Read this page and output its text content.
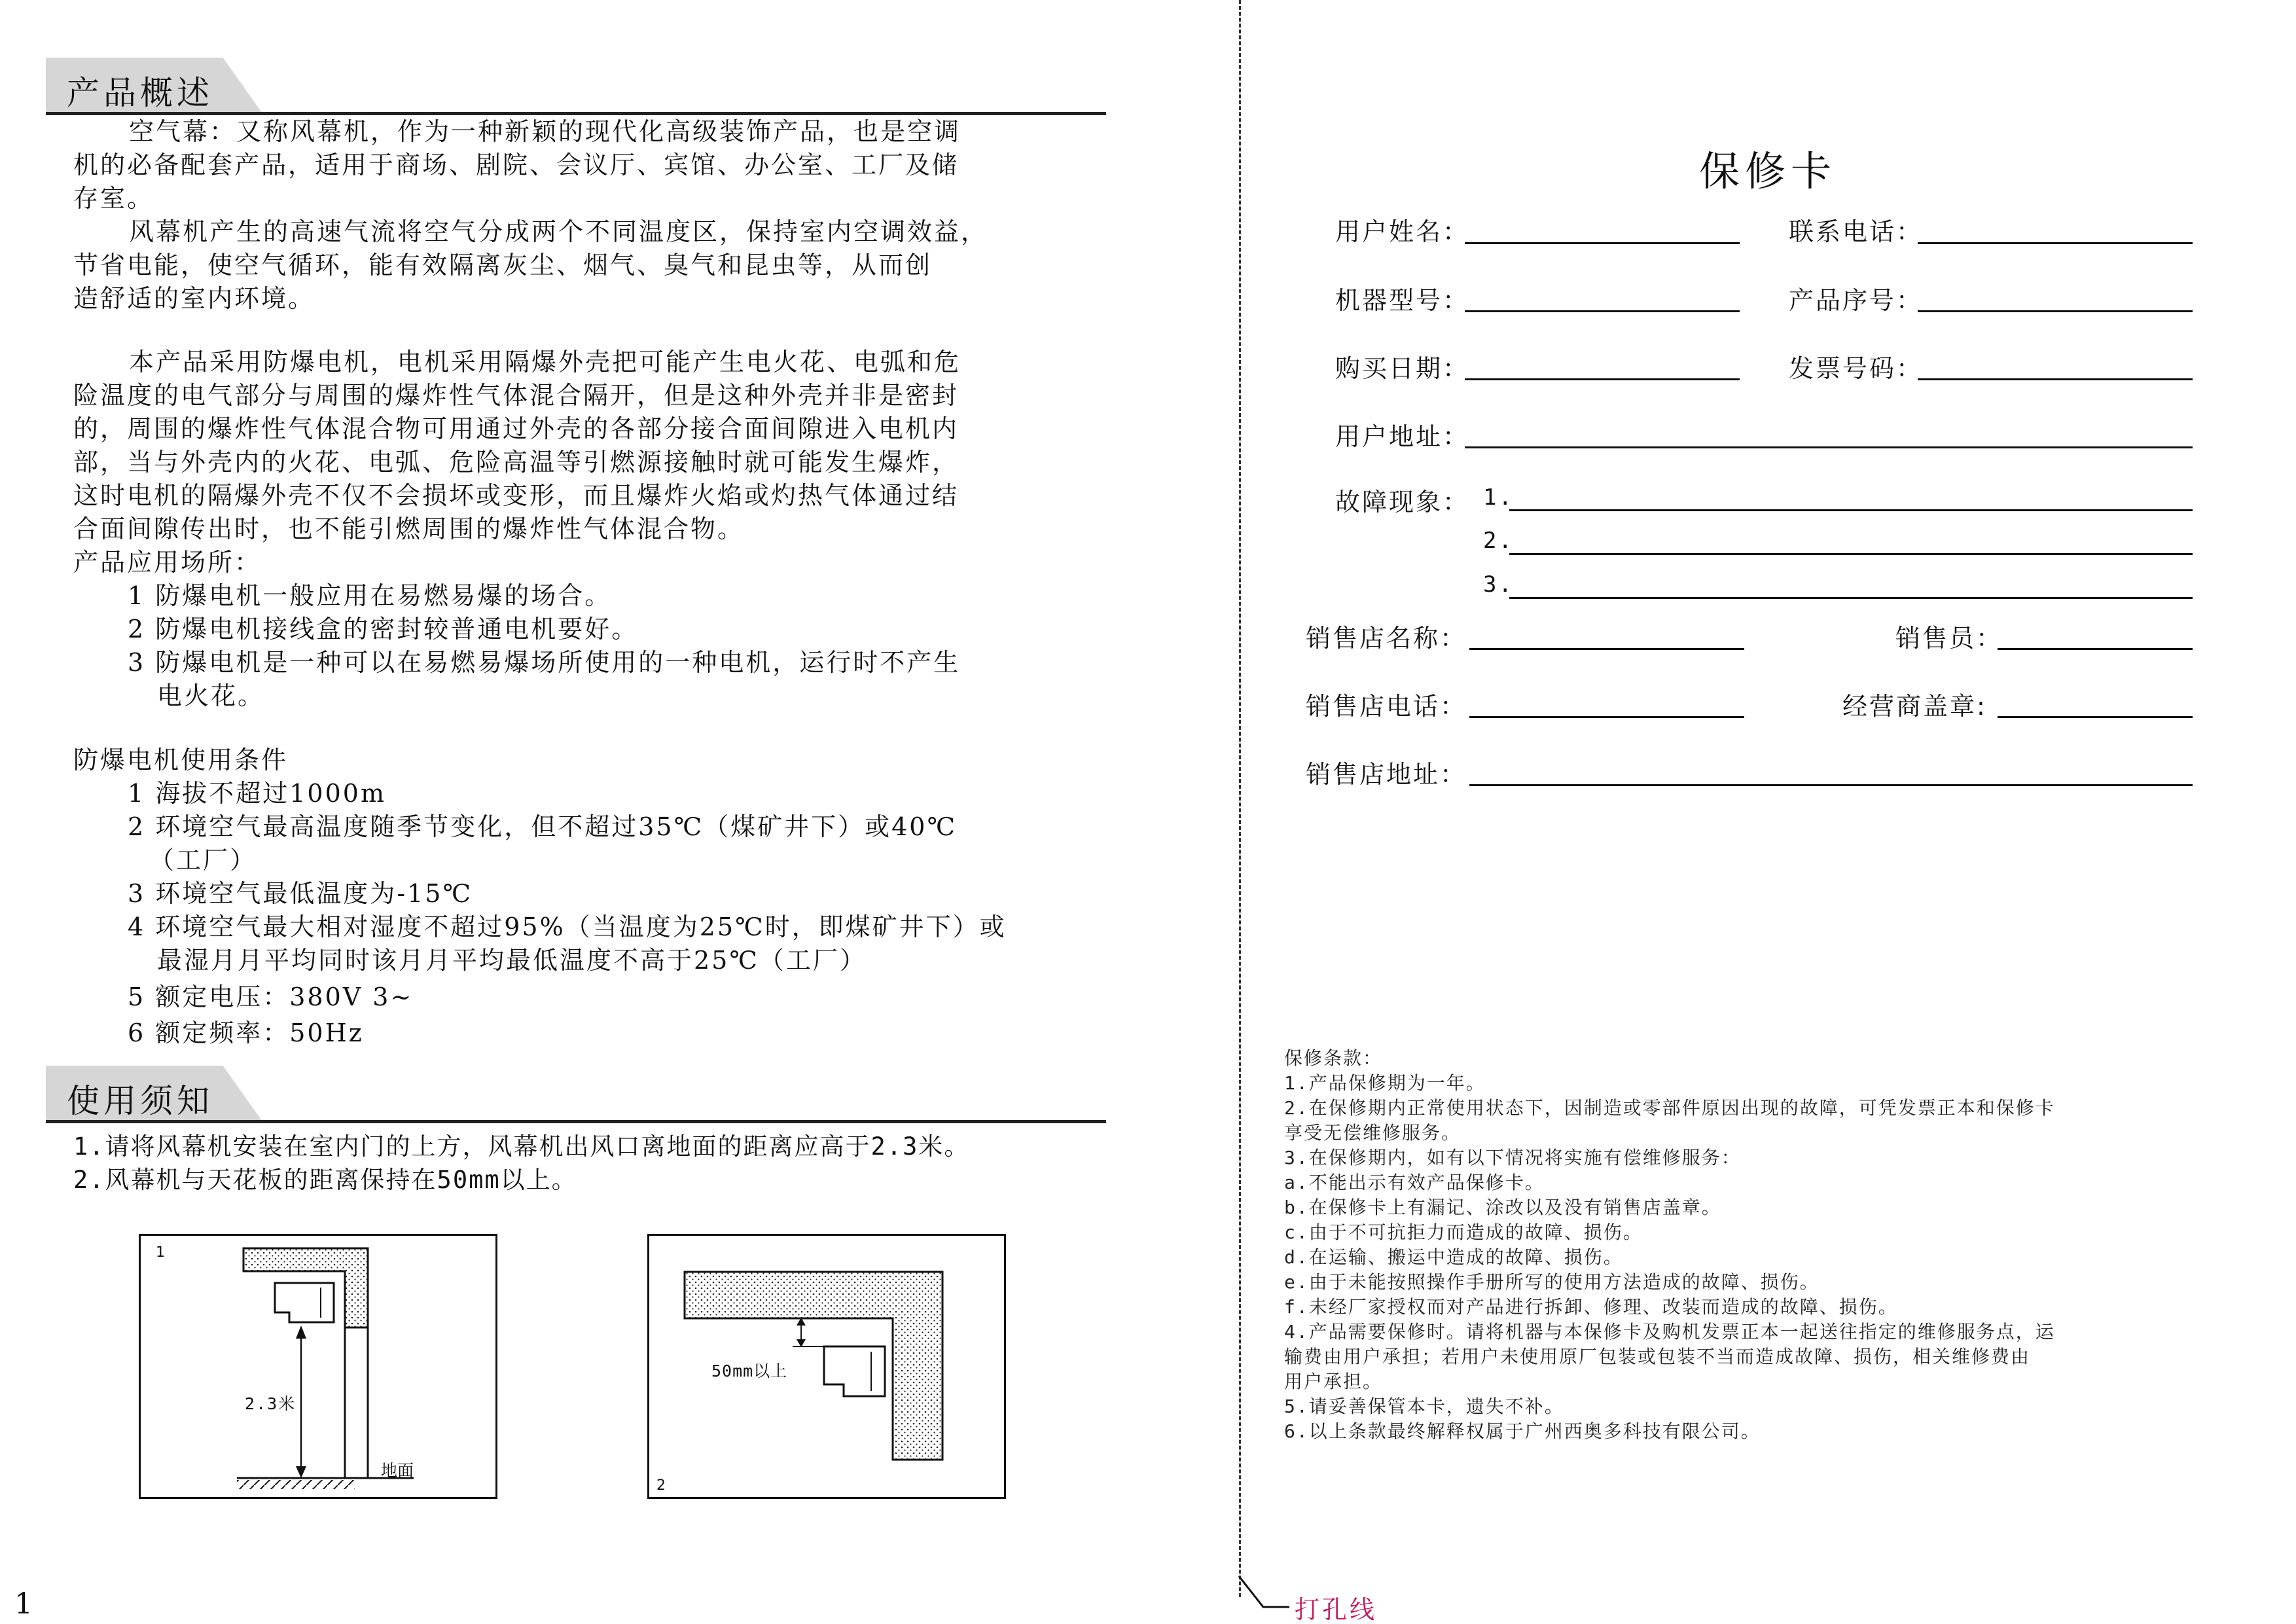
产品概述
空气幕：又称风幕机，作为一种新颖的现代化高级装饰产品，也是空调
机的必备配套产品，适用于商场、剧院、会议厅、宾馆、办公室、工厂及储
存室。
风幕机产生的高速气流将空气分成两个不同温度区，保持室内空调效益，
节省电能，使空气循环，能有效隔离灰尘、烟气、臭气和昆虫等，从而创
造舒适的室内环境。
本产品采用防爆电机，电机采用隔爆外壳把可能产生电火花、电弧和危
险温度的电气部分与周围的爆炸性气体混合隔开，但是这种外壳并非是密封
的，周围的爆炸性气体混合物可用通过外壳的各部分接合面间隙进入电机内
部，当与外壳内的火花、电弧、危险高温等引燃源接触时就可能发生爆炸，
这时电机的隔爆外壳不仅不会损坏或变形，而且爆炸火焰或灼热气体通过结
合面间隙传出时，也不能引燃周围的爆炸性气体混合物。
产品应用场所：
1 防爆电机一般应用在易燃易爆的场合。
2 防爆电机接线盒的密封较普通电机要好。
3 防爆电机是一种可以在易燃易爆场所使用的一种电机，运行时不产生
电火花。
防爆电机使用条件
1 海拔不超过1000m
2 环境空气最高温度随季节变化，但不超过35℃（煤矿井下）或40℃
（工厂）
3 环境空气最低温度为-15℃
4 环境空气最大相对湿度不超过95%（当温度为25℃时，即煤矿井下）或
最湿月月平均同时该月月平均最低温度不高于25℃（工厂）
5 额定电压：380V 3~
6 额定频率：50Hz
使用须知
1.请将风幕机安装在室内门的上方，风幕机出风口离地面的距离应高于2.3米。
2.风幕机与天花板的距离保持在50mm以上。
1
2.3米
地面
2
50mm以上
1	打孔线
保修卡
用户姓名：	联系电话：
机器型号：	产品序号：
购买日期：	发票号码：
用户地址：
故障现象： 1.
2.
3.
销售店名称：	销售员：
销售店电话：	经营商盖章:
销售店地址：
保修条款：
1.产品保修期为一年。
2.在保修期内正常使用状态下，因制造或零部件原因出现的故障，可凭发票正本和保修卡
享受无偿维修服务。
3.在保修期内，如有以下情况将实施有偿维修服务：
a.不能出示有效产品保修卡。
b.在保修卡上有漏记、涂改以及没有销售店盖章。
c.由于不可抗拒力而造成的故障、损伤。
d.在运输、搬运中造成的故障、损伤。
e.由于未能按照操作手册所写的使用方法造成的故障、损伤。
f.未经厂家授权而对产品进行拆卸、修理、改装而造成的故障、损伤。
4.产品需要保修时。请将机器与本保修卡及购机发票正本一起送往指定的维修服务点，运
输费由用户承担；若用户未使用原厂包装或包装不当而造成故障、损伤，相关维修费由
用户承担。
5.请妥善保管本卡，遗失不补。
6.以上条款最终解释权属于广州西奥多科技有限公司。
